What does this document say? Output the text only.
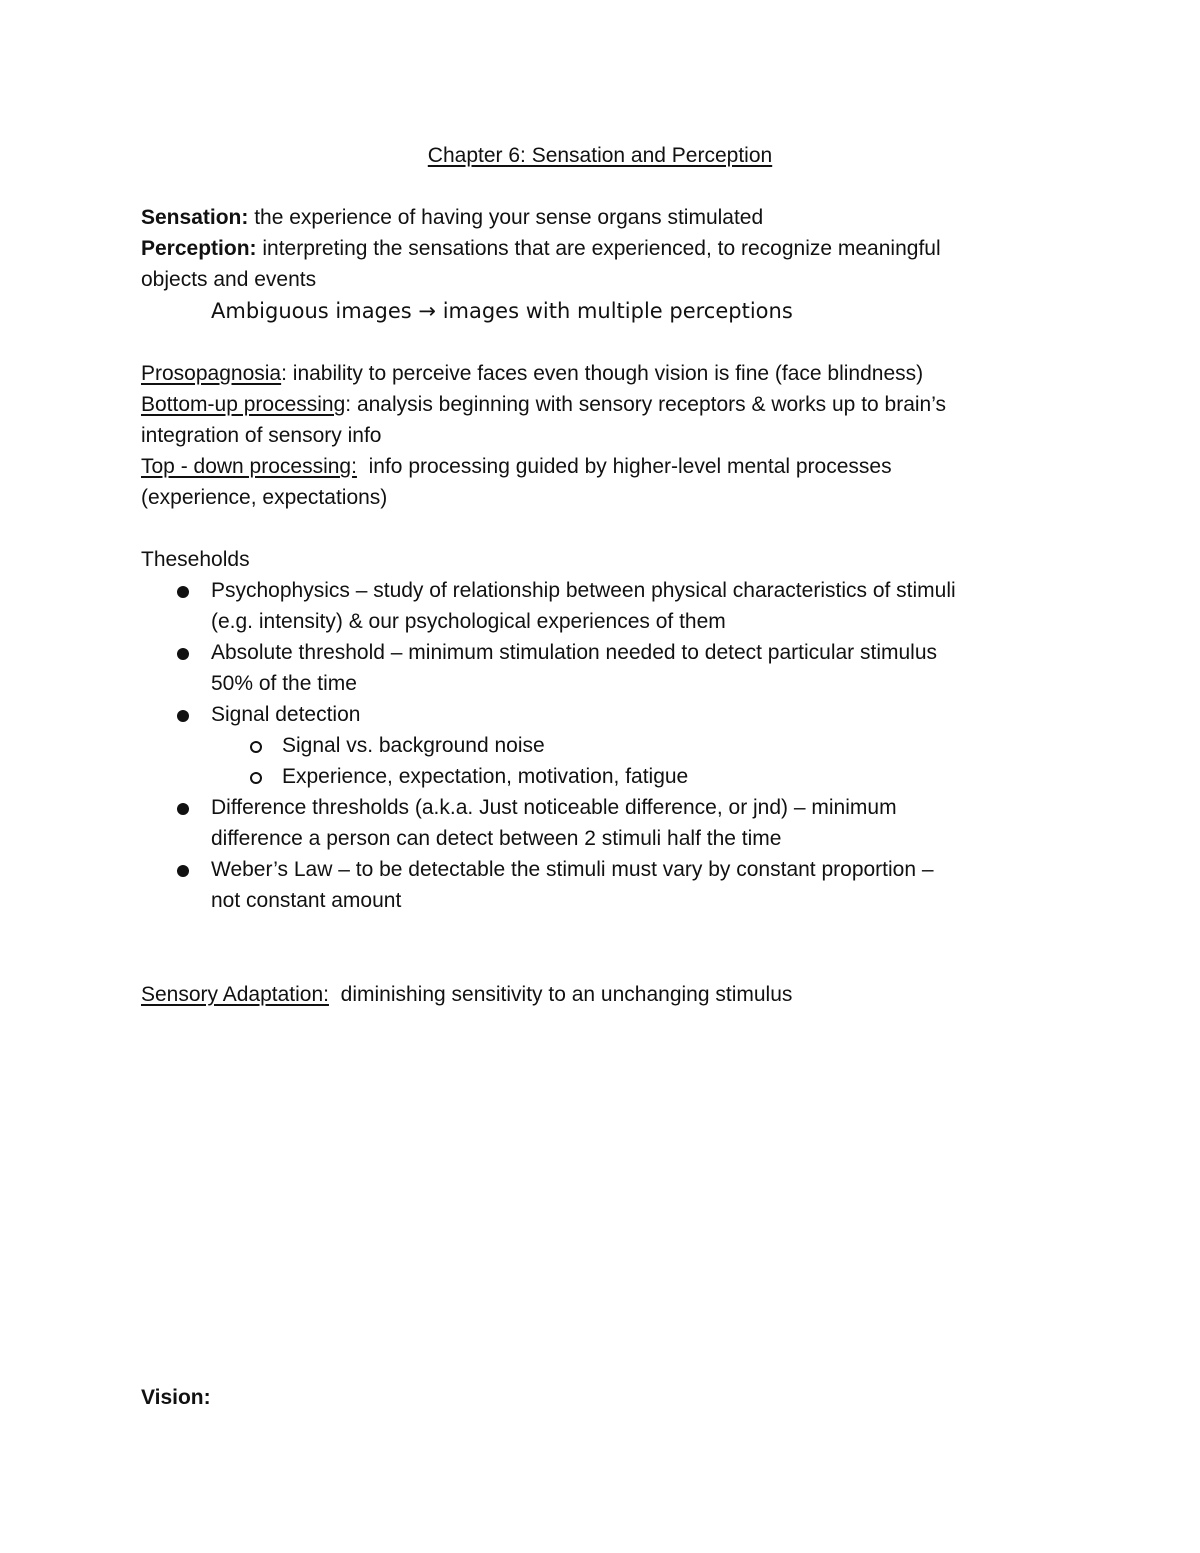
Chapter 6: Sensation and Perception
Sensation: the experience of having your sense organs stimulated
Perception: interpreting the sensations that are experienced, to recognize meaningful
objects and events
Ambiguous images → images with multiple perceptions
Prosopagnosia: inability to perceive faces even though vision is fine (face blindness)
Bottom-up processing: analysis beginning with sensory receptors & works up to brain’s
integration of sensory info
Top - down processing:  info processing guided by higher-level mental processes
(experience, expectations)
Theseholds
Psychophysics – study of relationship between physical characteristics of stimuli
(e.g. intensity) & our psychological experiences of them
Absolute threshold – minimum stimulation needed to detect particular stimulus
50% of the time
Signal detection
Signal vs. background noise
Experience, expectation, motivation, fatigue
Difference thresholds (a.k.a. Just noticeable difference, or jnd) – minimum
difference a person can detect between 2 stimuli half the time
Weber’s Law – to be detectable the stimuli must vary by constant proportion –
not constant amount
Sensory Adaptation:  diminishing sensitivity to an unchanging stimulus
Vision:
